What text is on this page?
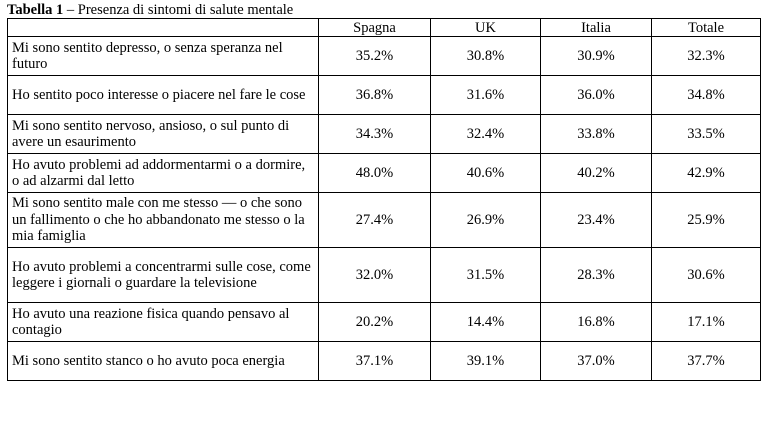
Tabella 1 – Presenza di sintomi di salute mentale
	Spagna	UK	Italia	Totale
Mi sono sentito depresso, o senza speranza nel futuro	35.2%	30.8%	30.9%	32.3%
Ho sentito poco interesse o piacere nel fare le cose	36.8%	31.6%	36.0%	34.8%
Mi sono sentito nervoso, ansioso, o sul punto di avere un esaurimento	34.3%	32.4%	33.8%	33.5%
Ho avuto problemi ad addormentarmi o a dormire, o ad alzarmi dal letto	48.0%	40.6%	40.2%	42.9%
Mi sono sentito male con me stesso — o che sono un fallimento o che ho abbandonato me stesso o la mia famiglia	27.4%	26.9%	23.4%	25.9%
Ho avuto problemi a concentrarmi sulle cose, come leggere i giornali o guardare la televisione	32.0%	31.5%	28.3%	30.6%
Ho avuto una reazione fisica quando pensavo al contagio	20.2%	14.4%	16.8%	17.1%
Mi sono sentito stanco o ho avuto poca energia	37.1%	39.1%	37.0%	37.7%
